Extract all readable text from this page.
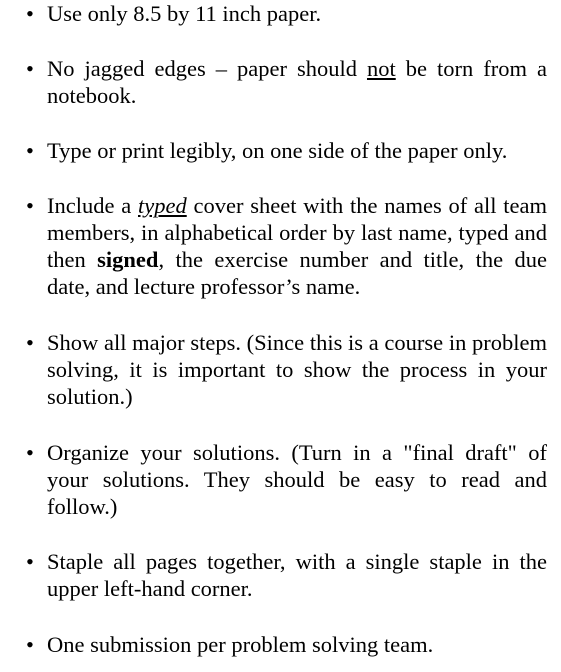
• Use only 8.5 by 11 inch paper.
• No jagged edges – paper should not be torn from a notebook.
• Type or print legibly, on one side of the paper only.
• Include a typed cover sheet with the names of all team members, in alphabetical order by last name, typed and then signed, the exercise number and title, the due date, and lecture professor’s name.
• Show all major steps. (Since this is a course in problem solving, it is important to show the process in your solution.)
• Organize your solutions. (Turn in a "final draft" of your solutions. They should be easy to read and follow.)
• Staple all pages together, with a single staple in the upper left-hand corner.
• One submission per problem solving team.
